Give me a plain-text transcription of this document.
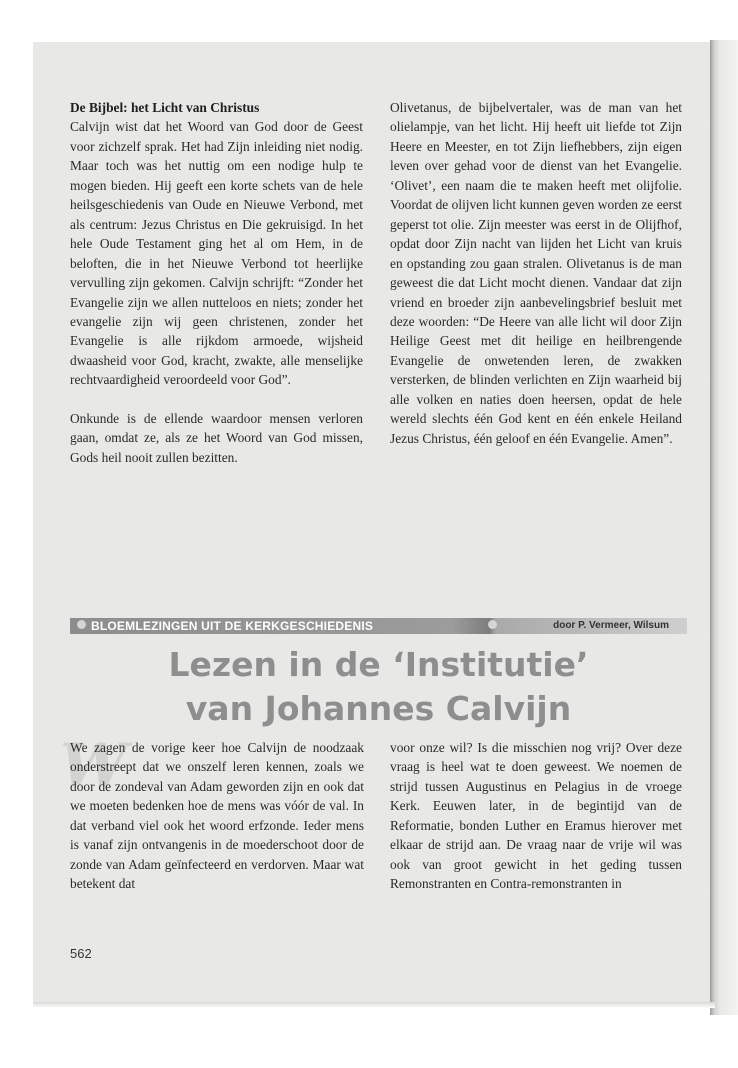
De Bijbel: het Licht van Christus

Calvijn wist dat het Woord van God door de Geest voor zichzelf sprak. Het had Zijn inleiding niet nodig. Maar toch was het nuttig om een nodige hulp te mogen bieden. Hij geeft een korte schets van de hele heilsgeschiedenis van Oude en Nieuwe Verbond, met als centrum: Jezus Christus en Die gekruisigd. In het hele Oude Testament ging het al om Hem, in de beloften, die in het Nieuwe Verbond tot heerlijke vervulling zijn gekomen. Calvijn schrijft: “Zonder het Evangelie zijn we allen nutteloos en niets; zonder het evangelie zijn wij geen christenen, zonder het Evangelie is alle rijkdom armoede, wijsheid dwaasheid voor God, kracht, zwakte, alle menselijke rechtvaardigheid veroordeeld voor God”.

Onkunde is de ellende waardoor mensen verloren gaan, omdat ze, als ze het Woord van God missen, Gods heil nooit zullen bezitten.

Olivetanus, de bijbelvertaler, was de man van het olielampje, van het licht. Hij heeft uit liefde tot Zijn Heere en Meester, en tot Zijn liefhebbers, zijn eigen leven over gehad voor de dienst van het Evangelie. ‘Olivet’, een naam die te maken heeft met olijfolie. Voordat de olijven licht kunnen geven worden ze eerst geperst tot olie. Zijn meester was eerst in de Olijfhof, opdat door Zijn nacht van lijden het Licht van kruis en opstanding zou gaan stralen. Olivetanus is de man geweest die dat Licht mocht dienen. Vandaar dat zijn vriend en broeder zijn aanbevelingsbrief besluit met deze woorden: “De Heere van alle licht wil door Zijn Heilige Geest met dit heilige en heilbrengende Evangelie de onwetenden leren, de zwakken versterken, de blinden verlichten en Zijn waarheid bij alle volken en naties doen heersen, opdat de hele wereld slechts één God kent en één enkele Heiland Jezus Christus, één geloof en één Evangelie. Amen”.

BLOEMLEZINGEN UIT DE KERKGESCHIEDENIS	door P. Vermeer, Wilsum
Lezen in de ‘Institutie’
van Johannes Calvijn
W

We zagen de vorige keer hoe Calvijn de noodzaak onderstreept dat we onszelf leren kennen, zoals we door de zondeval van Adam geworden zijn en ook dat we moeten bedenken hoe de mens was vóór de val. In dat verband viel ook het woord erfzonde. Ieder mens is vanaf zijn ontvangenis in de moederschoot door de zonde van Adam geïnfecteerd en verdorven. Maar wat betekent dat

voor onze wil? Is die misschien nog vrij? Over deze vraag is heel wat te doen geweest. We noemen de strijd tussen Augustinus en Pelagius in de vroege Kerk. Eeuwen later, in de begintijd van de Reformatie, bonden Luther en Eramus hierover met elkaar de strijd aan. De vraag naar de vrije wil was ook van groot gewicht in het geding tussen Remonstranten en Contra-remonstranten in

562
